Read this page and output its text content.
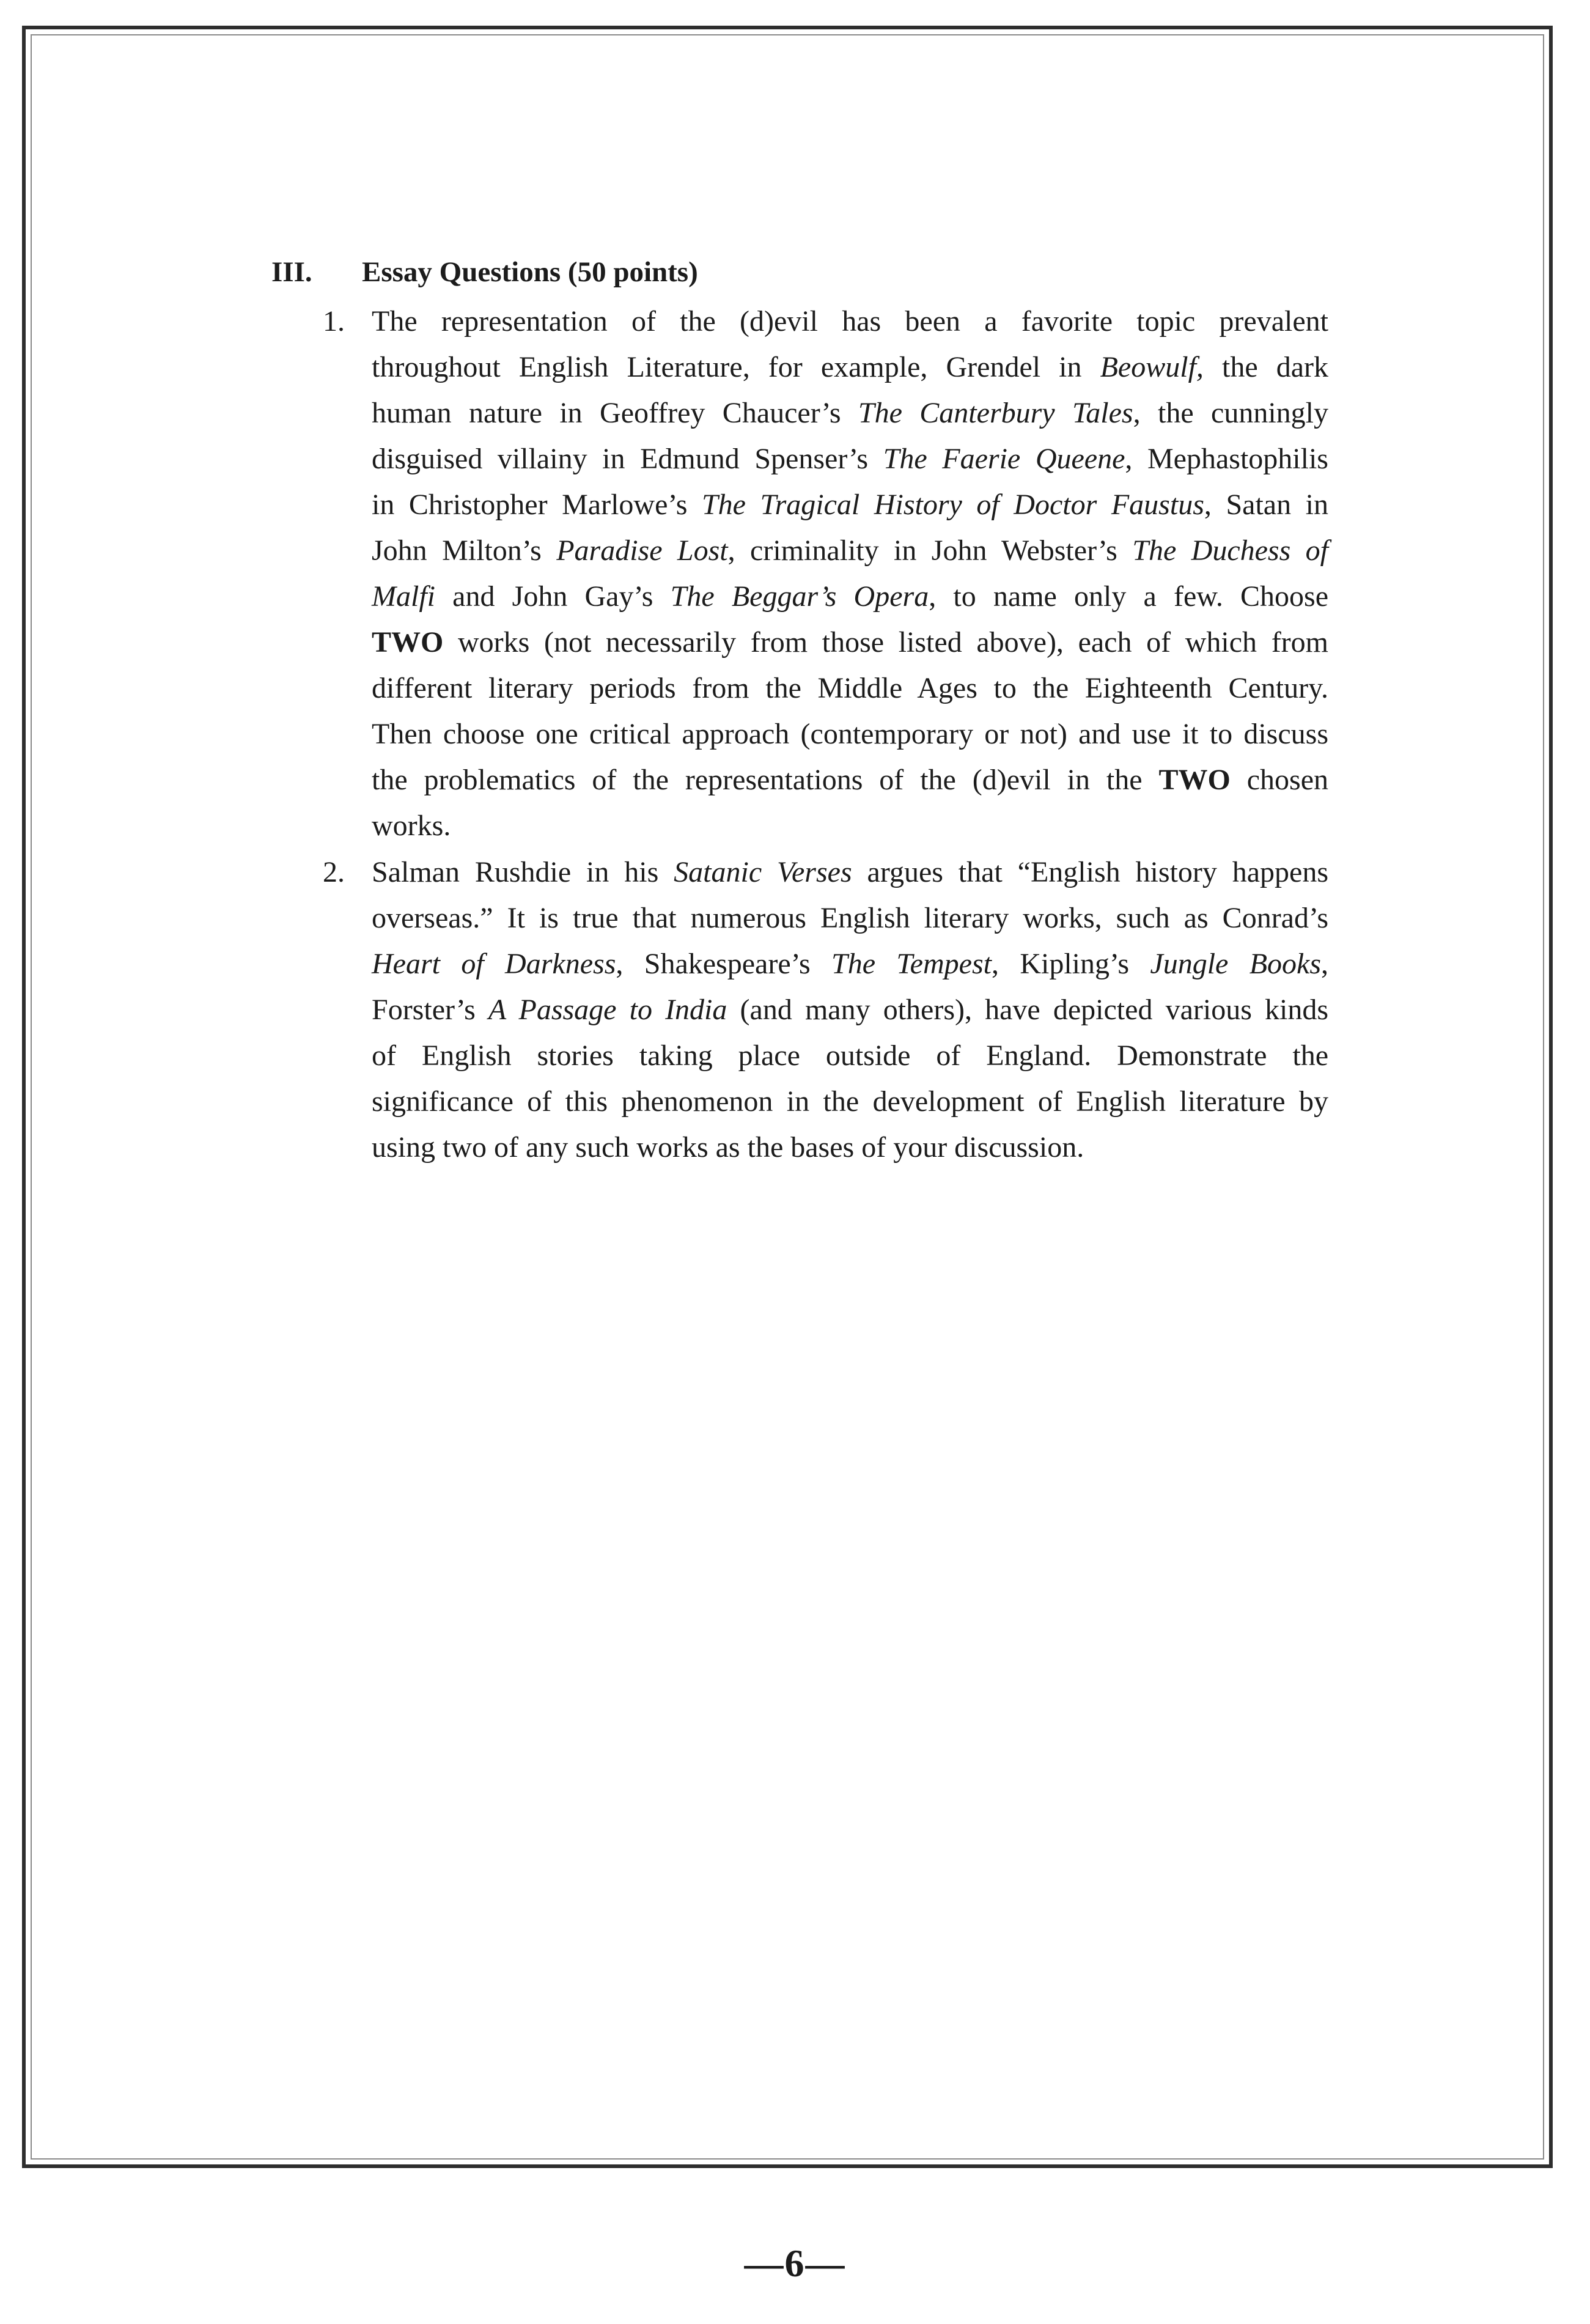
III. Essay Questions (50 points)
1. The representation of the (d)evil has been a favorite topic prevalent
throughout English Literature, for example, Grendel in Beowulf, the dark
human nature in Geoffrey Chaucer’s The Canterbury Tales, the cunningly
disguised villainy in Edmund Spenser’s The Faerie Queene, Mephastophilis
in Christopher Marlowe’s The Tragical History of Doctor Faustus, Satan in
John Milton’s Paradise Lost, criminality in John Webster’s The Duchess of
Malfi and John Gay’s The Beggar’s Opera, to name only a few. Choose
TWO works (not necessarily from those listed above), each of which from
different literary periods from the Middle Ages to the Eighteenth Century.
Then choose one critical approach (contemporary or not) and use it to discuss
the problematics of the representations of the (d)evil in the TWO chosen
works.
2. Salman Rushdie in his Satanic Verses argues that “English history happens
overseas.” It is true that numerous English literary works, such as Conrad’s
Heart of Darkness, Shakespeare’s The Tempest, Kipling’s Jungle Books,
Forster’s A Passage to India (and many others), have depicted various kinds
of English stories taking place outside of England. Demonstrate the
significance of this phenomenon in the development of English literature by
using two of any such works as the bases of your discussion.
—6—
